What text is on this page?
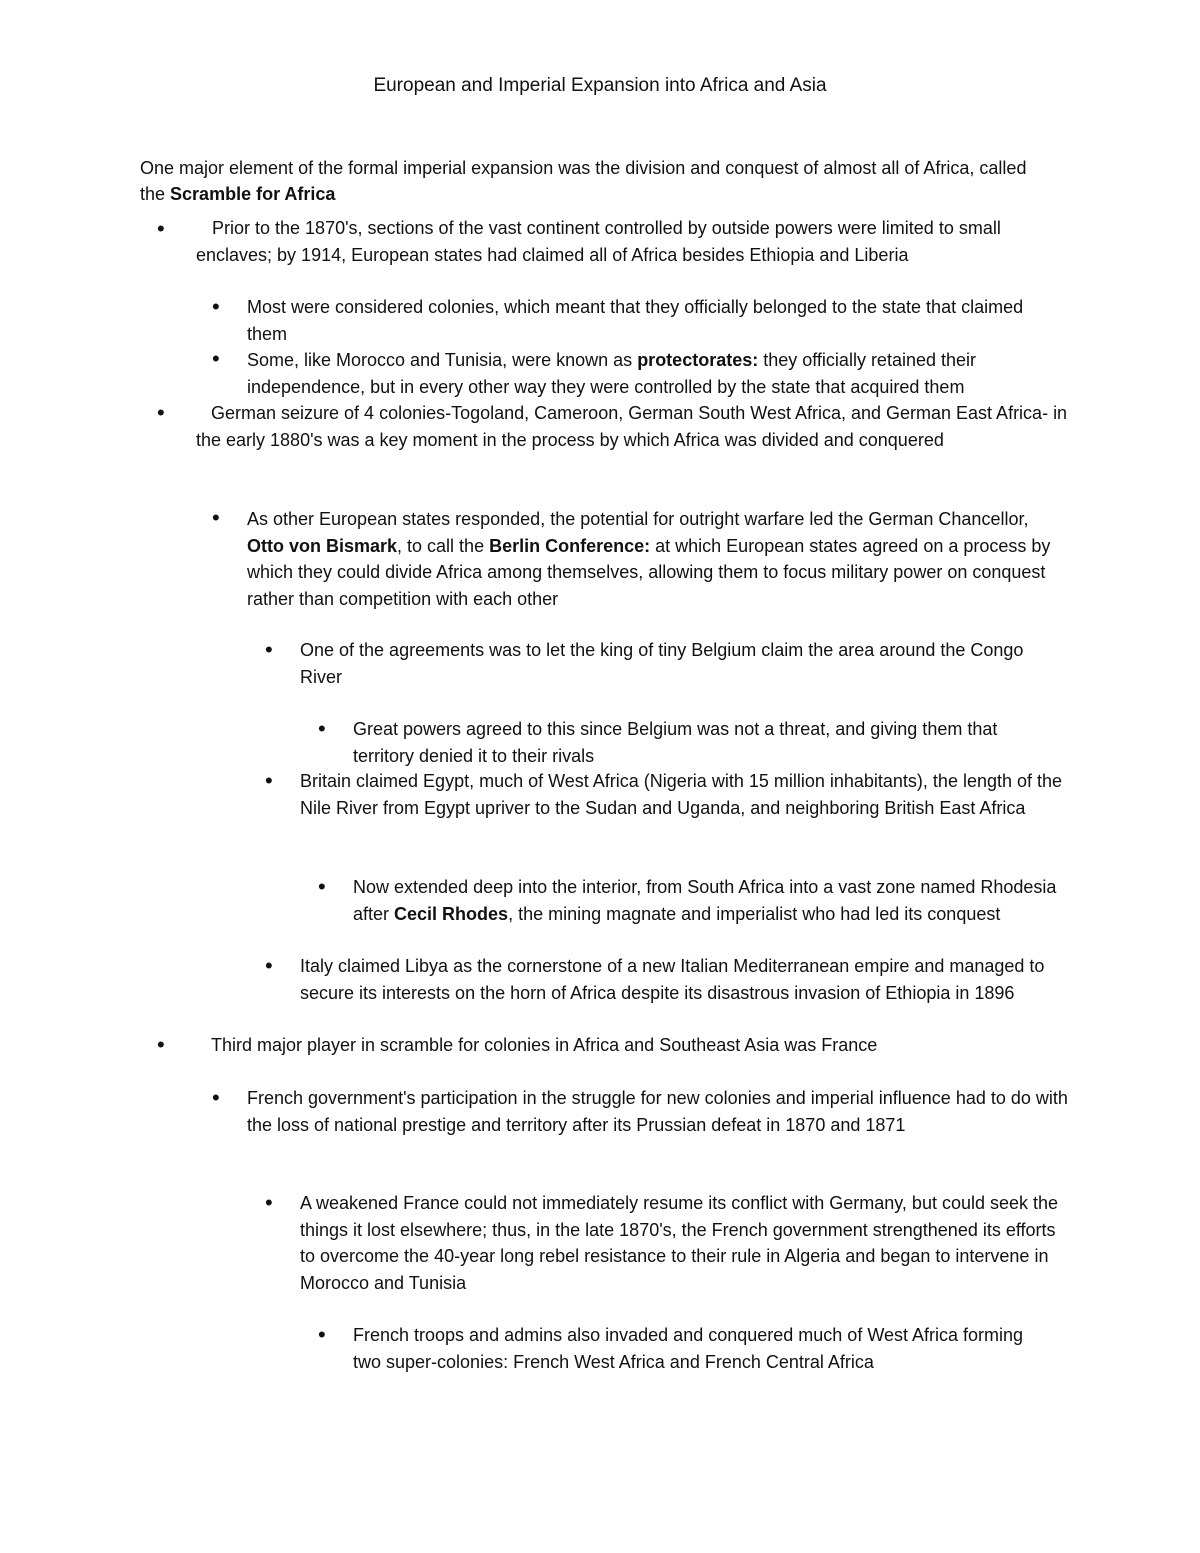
European and Imperial Expansion into Africa and Asia
One major element of the formal imperial expansion was the division and conquest of almost all of Africa, called the Scramble for Africa
•	Prior to the 1870's, sections of the vast continent controlled by outside powers were limited to small enclaves; by 1914, European states had claimed all of Africa besides Ethiopia and Liberia
• Most were considered colonies, which meant that they officially belonged to the state that claimed them
• Some, like Morocco and Tunisia, were known as protectorates: they officially retained their independence, but in every other way they were controlled by the state that acquired them
•	German seizure of 4 colonies-Togoland, Cameroon, German South West Africa, and German East Africa- in the early 1880's was a key moment in the process by which Africa was divided and conquered
• As other European states responded, the potential for outright warfare led the German Chancellor, Otto von Bismark, to call the Berlin Conference: at which European states agreed on a process by which they could divide Africa among themselves, allowing them to focus military power on conquest rather than competition with each other
• One of the agreements was to let the king of tiny Belgium claim the area around the Congo River
• Great powers agreed to this since Belgium was not a threat, and giving them that territory denied it to their rivals
• Britain claimed Egypt, much of West Africa (Nigeria with 15 million inhabitants), the length of the Nile River from Egypt upriver to the Sudan and Uganda, and neighboring British East Africa
• Now extended deep into the interior, from South Africa into a vast zone named Rhodesia after Cecil Rhodes, the mining magnate and imperialist who had led its conquest
• Italy claimed Libya as the cornerstone of a new Italian Mediterranean empire and managed to secure its interests on the horn of Africa despite its disastrous invasion of Ethiopia in 1896
•	Third major player in scramble for colonies in Africa and Southeast Asia was France
• French government's participation in the struggle for new colonies and imperial influence had to do with the loss of national prestige and territory after its Prussian defeat in 1870 and 1871
• A weakened France could not immediately resume its conflict with Germany, but could seek the things it lost elsewhere; thus, in the late 1870's, the French government strengthened its efforts to overcome the 40-year long rebel resistance to their rule in Algeria and began to intervene in Morocco and Tunisia
• French troops and admins also invaded and conquered much of West Africa forming two super-colonies: French West Africa and French Central Africa
